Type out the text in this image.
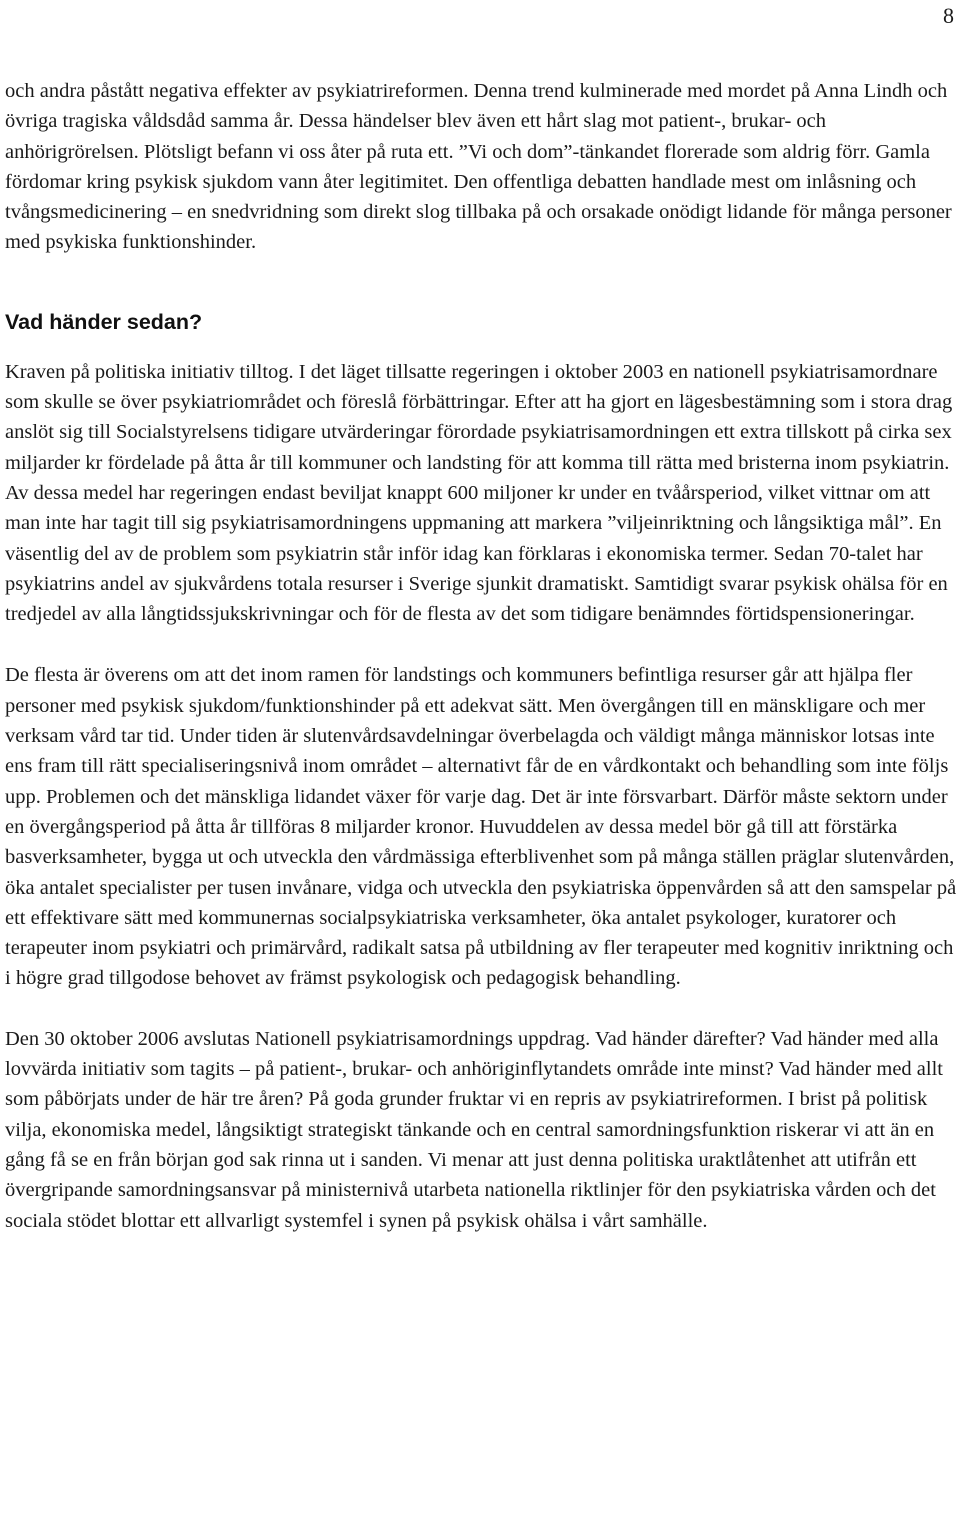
8

och andra påstått negativa effekter av psykiatrireformen. Denna trend kulminerade med mordet på Anna Lindh och övriga tragiska våldsdåd samma år. Dessa händelser blev även ett hårt slag mot patient-, brukar- och anhörigrörelsen. Plötsligt befann vi oss åter på ruta ett. ”Vi och dom”-tänkandet florerade som aldrig förr. Gamla fördomar kring psykisk sjukdom vann åter legitimitet. Den offentliga debatten handlade mest om inlåsning och tvångsmedicinering – en snedvridning som direkt slog tillbaka på och orsakade onödigt lidande för många personer med psykiska funktionshinder.

Vad händer sedan?

Kraven på politiska initiativ tilltog. I det läget tillsatte regeringen i oktober 2003 en nationell psykiatrisamordnare som skulle se över psykiatriområdet och föreslå förbättringar. Efter att ha gjort en lägesbestämning som i stora drag anslöt sig till Socialstyrelsens tidigare utvärderingar förordade psykiatrisamordningen ett extra tillskott på cirka sex miljarder kr fördelade på åtta år till kommuner och landsting för att komma till rätta med bristerna inom psykiatrin. Av dessa medel har regeringen endast beviljat knappt 600 miljoner kr under en tvåårsperiod, vilket vittnar om att man inte har tagit till sig psykiatrisamordningens uppmaning att markera ”viljeinriktning och långsiktiga mål”. En väsentlig del av de problem som psykiatrin står inför idag kan förklaras i ekonomiska termer. Sedan 70-talet har psykiatrins andel av sjukvårdens totala resurser i Sverige sjunkit dramatiskt. Samtidigt svarar psykisk ohälsa för en tredjedel av alla långtidssjukskrivningar och för de flesta av det som tidigare benämndes förtidspensioneringar.

De flesta är överens om att det inom ramen för landstings och kommuners befintliga resurser går att hjälpa fler personer med psykisk sjukdom/funktionshinder på ett adekvat sätt. Men övergången till en mänskligare och mer verksam vård tar tid. Under tiden är slutenvårdsavdelningar överbelagda och väldigt många människor lotsas inte ens fram till rätt specialiseringsnivå inom området – alternativt får de en vårdkontakt och behandling som inte följs upp. Problemen och det mänskliga lidandet växer för varje dag. Det är inte försvarbart. Därför måste sektorn under en övergångsperiod på åtta år tillföras 8 miljarder kronor. Huvuddelen av dessa medel bör gå till att förstärka basverksamheter, bygga ut och utveckla den vårdmässiga efterblivenhet som på många ställen präglar slutenvården, öka antalet specialister per tusen invånare, vidga och utveckla den psykiatriska öppenvården så att den samspelar på ett effektivare sätt med kommunernas socialpsykiatriska verksamheter, öka antalet psykologer, kuratorer och terapeuter inom psykiatri och primärvård, radikalt satsa på utbildning av fler terapeuter med kognitiv inriktning och i högre grad tillgodose behovet av främst psykologisk och pedagogisk behandling.

Den 30 oktober 2006 avslutas Nationell psykiatrisamordnings uppdrag. Vad händer därefter? Vad händer med alla lovvärda initiativ som tagits – på patient-, brukar- och anhöriginflytandets område inte minst? Vad händer med allt som påbörjats under de här tre åren? På goda grunder fruktar vi en repris av psykiatrireformen. I brist på politisk vilja, ekonomiska medel, långsiktigt strategiskt tänkande och en central samordningsfunktion riskerar vi att än en gång få se en från början god sak rinna ut i sanden. Vi menar att just denna politiska uraktlåtenhet att utifrån ett övergripande samordningsansvar på ministernivå utarbeta nationella riktlinjer för den psykiatriska vården och det sociala stödet blottar ett allvarligt systemfel i synen på psykisk ohälsa i vårt samhälle.
